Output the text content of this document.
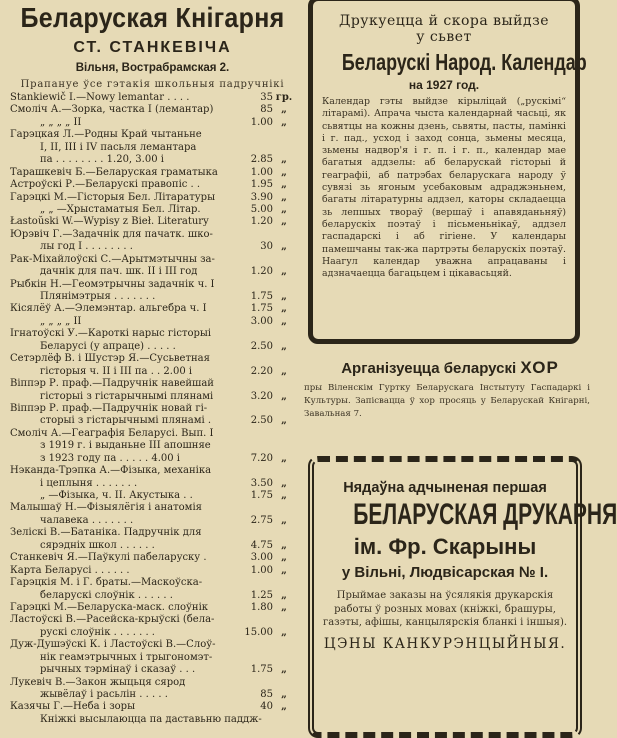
Беларуская Кнігарня
СТ. СТАНКЕВІЧА
Вільня, Вострабрамская 2.
Прапануе ўсе гэтакія школьныя падручнікі
Stankiewič I.—Nowy lemantar . . . .	35 гр.
Смоліч А.—Зорка, частка I (лемантар)	85 „
„ „ „ „ II	1.00 „
Гарэцкая Л.—Родны Край чытаньне
I, II, III i IV пасьля лемантара
па . . . . . . . . 1.20, 3.00 і	2.85 „
Тарашкевіч Б.—Беларуская граматыка	1.00 „
Астроўскі Р.—Беларускі правопіс . .	1.95 „
Гарэцкі М.—Гісторыя Бел. Літаратуры	3.90 „
„ „ —Хрыстаматыя Бел. Літар.	5.00 „
Łastoŭski W.—Wypisy z Bieł. Literatury	1.20 „
Юрэвіч Г.—Задачнік для пачатк. шко-
лы год I . . . . . . . .	30 „
Рак-Міхайлоўскі С.—Арытмэтычны за-
дачнік для пач. шк. II і III год	1.20 „
Рыбкін Н.—Геомэтрычны задачнік ч. I
Плянімэтрыя . . . . . . .	1.75 „
Кісялёў А.—Элемэнтар. альгебра ч. I	1.75 „
„ „ „ „ II	3.00 „
Ігнатоўскі У.—Кароткі нарыс гісторыі
Беларусі (у апраце) . . . . .	2.50 „
Сетэрлёф В. і Шустэр Я.—Сусьветная
гісторыя ч. II і III па . . 2.00 і	2.20 „
Віппэр Р. праф.—Падручнік навейшай
гісторыі з гістарычнымі плянамі	3.20 „
Віппэр Р. праф.—Падручнік новай гі-
сторыі з гістарычнымі плянамі .	2.50 „
Смоліч А.—Геаграфія Беларусі. Вып. I
з 1919 г. і выданьне III апошняе
з 1923 году па . . . . . 4.00 і	7.20 „
Нэканда-Трэпка А.—Фізыка, механіка
і цеплыня . . . . . . .	3.50 „
„ —Фізыка, ч. II. Акустыка . .	1.75 „
Малышаў Н.—Фізыялёгія і анатомія
чалавека . . . . . . .	2.75 „
Зеліскі В.—Батаніка. Падручнік для
сярэдніх школ . . . . . .	4.75 „
Станкевіч Я.—Паўкулі пабеларуску .	3.00 „
Карта Беларусі . . . . . .	1.00 „
Гарэцкія М. і Г. браты.—Маскоўска-
беларускі слоўнік . . . . . .	1.25 „
Гарэцкі М.—Беларуска-маск. слоўнік	1.80 „
Ластоўскі В.—Расейска-крыўскі (бела-
рускі слоўнік . . . . . . .	15.00 „
Дуж-Душэўскі К. і Ластоўскі В.—Слоў-
нік геамэтрычных і трыгономэт-
рычных тэрмінаў і сказаў . . .	1.75 „
Лукевіч В.—Закон жыцьця сярод
жывёлаў і расьлін . . . . .	85 „
Казячы Г.—Неба і зоры	40 „
Кніжкі высылаюцца па даставьню паддж-
Друкуецца й скора выйдзе
у сьвет
Беларускі Народ. Календар
на 1927 год.
Календар гэты выйдзе кірыліцай („рускімі“ літарамі). Апрача чыста календарнай часьці, як сьвятцы на кожны дзень, сьвяты, пасты, памінкі і г. пад., усход і заход сонца, зьмены месяца, зьмены надвор'я і г. п. і г. п., календар мае багатыя аддзелы: аб беларускай гісторыі й геаграфіі, аб патрэбах беларускага народу ў сувязі зь ягоным усебаковым адраджэньнем, багаты літаратурны аддзел, каторы складаецца зь лепшых твораў (вершаў і апавяданьняў) беларускіх поэтаў і пісьменьнікаў, аддзел гаспадарскі і аб гігіене. У календары памешчаны так-жа партрэты беларускіх поэтаў. Наагул календар уважна апрацаваны і адзначаецца багацьцем і цікавасьцяй.
Арганізуецца беларускі ХОР
пры Віленскім Гуртку Беларускага Інстытуту Гаспадаркі і Культуры. Запісвацца ў хор просяць у Беларускай Кнігарні, Завальная 7.
Нядаўна адчыненая першая
БЕЛАРУСКАЯ ДРУКАРНЯ
ім. Фр. Скарыны
у Вільні, Людвісарская № I.
Прыймае заказы на ўсялякія друкарскія работы ў розных мовах (кніжкі, брашуры, газэты, афішы, канцылярскія бланкі і іншыя).
ЦЭНЫ КАНКУРЭНЦЫЙНЫЯ.
